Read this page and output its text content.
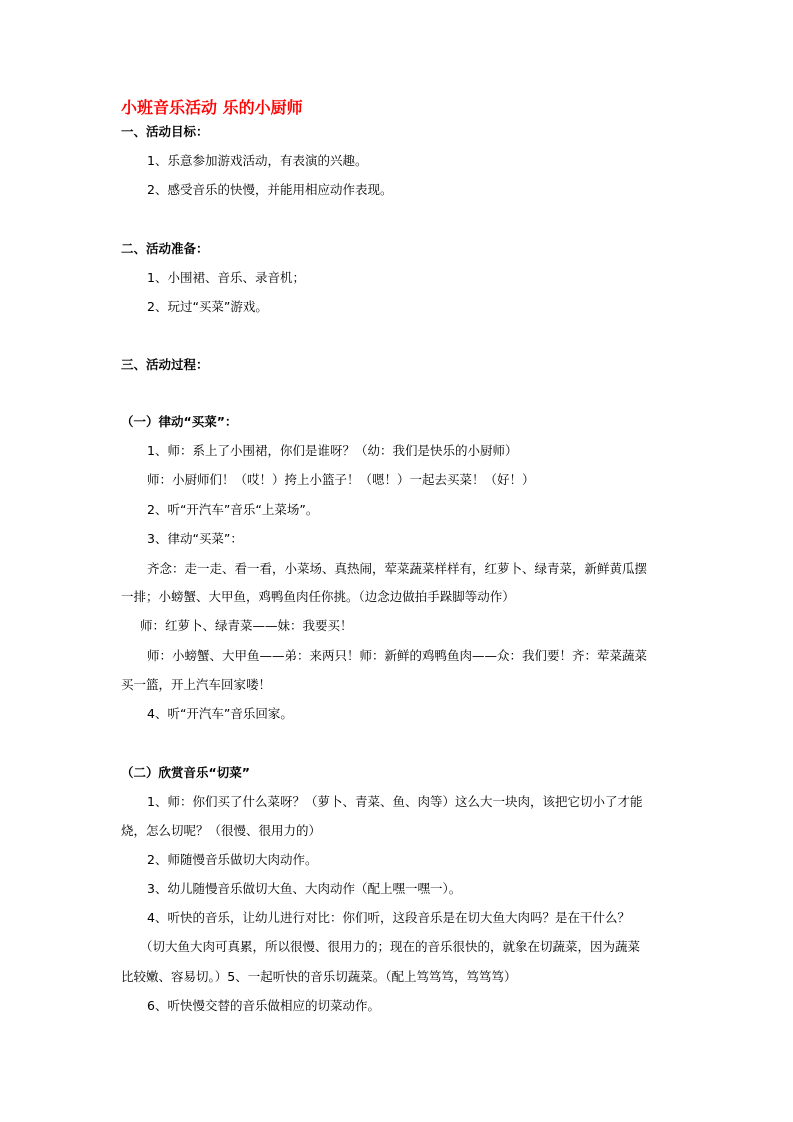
小班音乐活动 乐的小厨师
一、活动目标：
1、乐意参加游戏活动，有表演的兴趣。
2、感受音乐的快慢，并能用相应动作表现。
二、活动准备：
1、小围裙、音乐、录音机；
2、玩过“买菜”游戏。
三、活动过程：
（一）律动“买菜”：
1、师：系上了小围裙，你们是谁呀？（幼：我们是快乐的小厨师）
师：小厨师们！（哎！）挎上小篮子！（嗯！）一起去买菜！（好！）
2、听“开汽车”音乐“上菜场”。
3、律动“买菜”：
齐念：走一走、看一看，小菜场、真热闹，荤菜蔬菜样样有，红萝卜、绿青菜，新鲜黄瓜摆
一排；小螃蟹、大甲鱼，鸡鸭鱼肉任你挑。（边念边做拍手跺脚等动作）
师：红萝卜、绿青菜——妹：我要买！
师：小螃蟹、大甲鱼——弟：来两只！师：新鲜的鸡鸭鱼肉——众：我们要！齐：荤菜蔬菜
买一篮，开上汽车回家喽！
4、听“开汽车”音乐回家。
（二）欣赏音乐“切菜”
1、师：你们买了什么菜呀？（萝卜、青菜、鱼、肉等）这么大一块肉，该把它切小了才能
烧，怎么切呢？（很慢、很用力的）
2、师随慢音乐做切大肉动作。
3、幼儿随慢音乐做切大鱼、大肉动作（配上嘿一嘿一）。
4、听快的音乐，让幼儿进行对比：你们听，这段音乐是在切大鱼大肉吗？是在干什么？
（切大鱼大肉可真累，所以很慢、很用力的；现在的音乐很快的，就象在切蔬菜，因为蔬菜
比较嫩、容易切。）5、一起听快的音乐切蔬菜。（配上笃笃笃，笃笃笃）
6、听快慢交替的音乐做相应的切菜动作。
